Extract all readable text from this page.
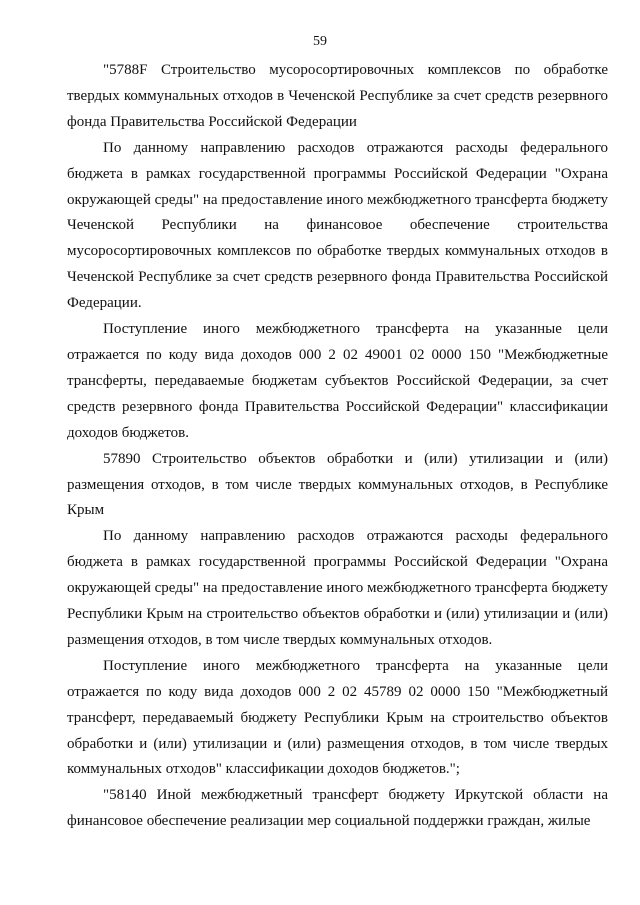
59

"5788F Строительство мусоросортировочных комплексов по обработке твердых коммунальных отходов в Чеченской Республике за счет средств резервного фонда Правительства Российской Федерации

По данному направлению расходов отражаются расходы федерального бюджета в рамках государственной программы Российской Федерации "Охрана окружающей среды" на предоставление иного межбюджетного трансферта бюджету Чеченской Республики на финансовое обеспечение строительства мусоросортировочных комплексов по обработке твердых коммунальных отходов в Чеченской Республике за счет средств резервного фонда Правительства Российской Федерации.

Поступление иного межбюджетного трансферта на указанные цели отражается по коду вида доходов 000 2 02 49001 02 0000 150 "Межбюджетные трансферты, передаваемые бюджетам субъектов Российской Федерации, за счет средств резервного фонда Правительства Российской Федерации" классификации доходов бюджетов.

57890 Строительство объектов обработки и (или) утилизации и (или) размещения отходов, в том числе твердых коммунальных отходов, в Республике Крым

По данному направлению расходов отражаются расходы федерального бюджета в рамках государственной программы Российской Федерации "Охрана окружающей среды" на предоставление иного межбюджетного трансферта бюджету Республики Крым на строительство объектов обработки и (или) утилизации и (или) размещения отходов, в том числе твердых коммунальных отходов.

Поступление иного межбюджетного трансферта на указанные цели отражается по коду вида доходов 000 2 02 45789 02 0000 150 "Межбюджетный трансферт, передаваемый бюджету Республики Крым на строительство объектов обработки и (или) утилизации и (или) размещения отходов, в том числе твердых коммунальных отходов" классификации доходов бюджетов.";

"58140 Иной межбюджетный трансферт бюджету Иркутской области на финансовое обеспечение реализации мер социальной поддержки граждан, жилые
